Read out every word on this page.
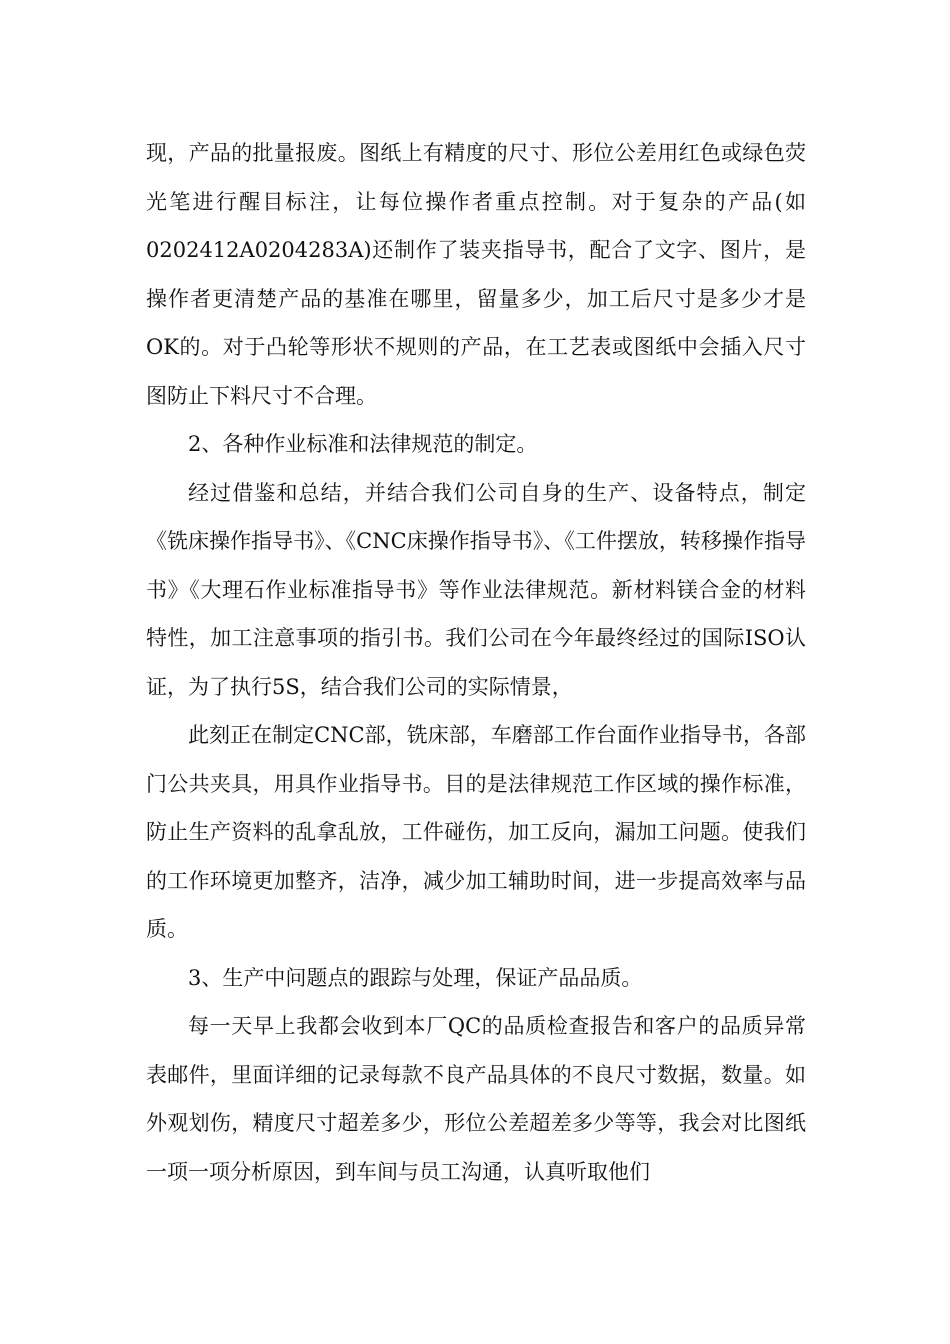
现，产品的批量报废。图纸上有精度的尺寸、形位公差用红色或绿色荧光笔进行醒目标注，让每位操作者重点控制。对于复杂的产品(如0202412A0204283A)还制作了装夹指导书，配合了文字、图片，是操作者更清楚产品的基准在哪里，留量多少，加工后尺寸是多少才是OK的。对于凸轮等形状不规则的产品，在工艺表或图纸中会插入尺寸图防止下料尺寸不合理。

2、各种作业标准和法律规范的制定。

经过借鉴和总结，并结合我们公司自身的生产、设备特点，制定《铣床操作指导书》、《CNC床操作指导书》、《工件摆放，转移操作指导书》《大理石作业标准指导书》等作业法律规范。新材料镁合金的材料特性，加工注意事项的指引书。我们公司在今年最终经过的国际ISO认证，为了执行5S，结合我们公司的实际情景，

此刻正在制定CNC部，铣床部，车磨部工作台面作业指导书，各部门公共夹具，用具作业指导书。目的是法律规范工作区域的操作标准，防止生产资料的乱拿乱放，工件碰伤，加工反向，漏加工问题。使我们的工作环境更加整齐，洁净，减少加工辅助时间，进一步提高效率与品质。

3、生产中问题点的跟踪与处理，保证产品品质。

每一天早上我都会收到本厂QC的品质检查报告和客户的品质异常表邮件，里面详细的记录每款不良产品具体的不良尺寸数据，数量。如外观划伤，精度尺寸超差多少，形位公差超差多少等等，我会对比图纸一项一项分析原因，到车间与员工沟通，认真听取他们
